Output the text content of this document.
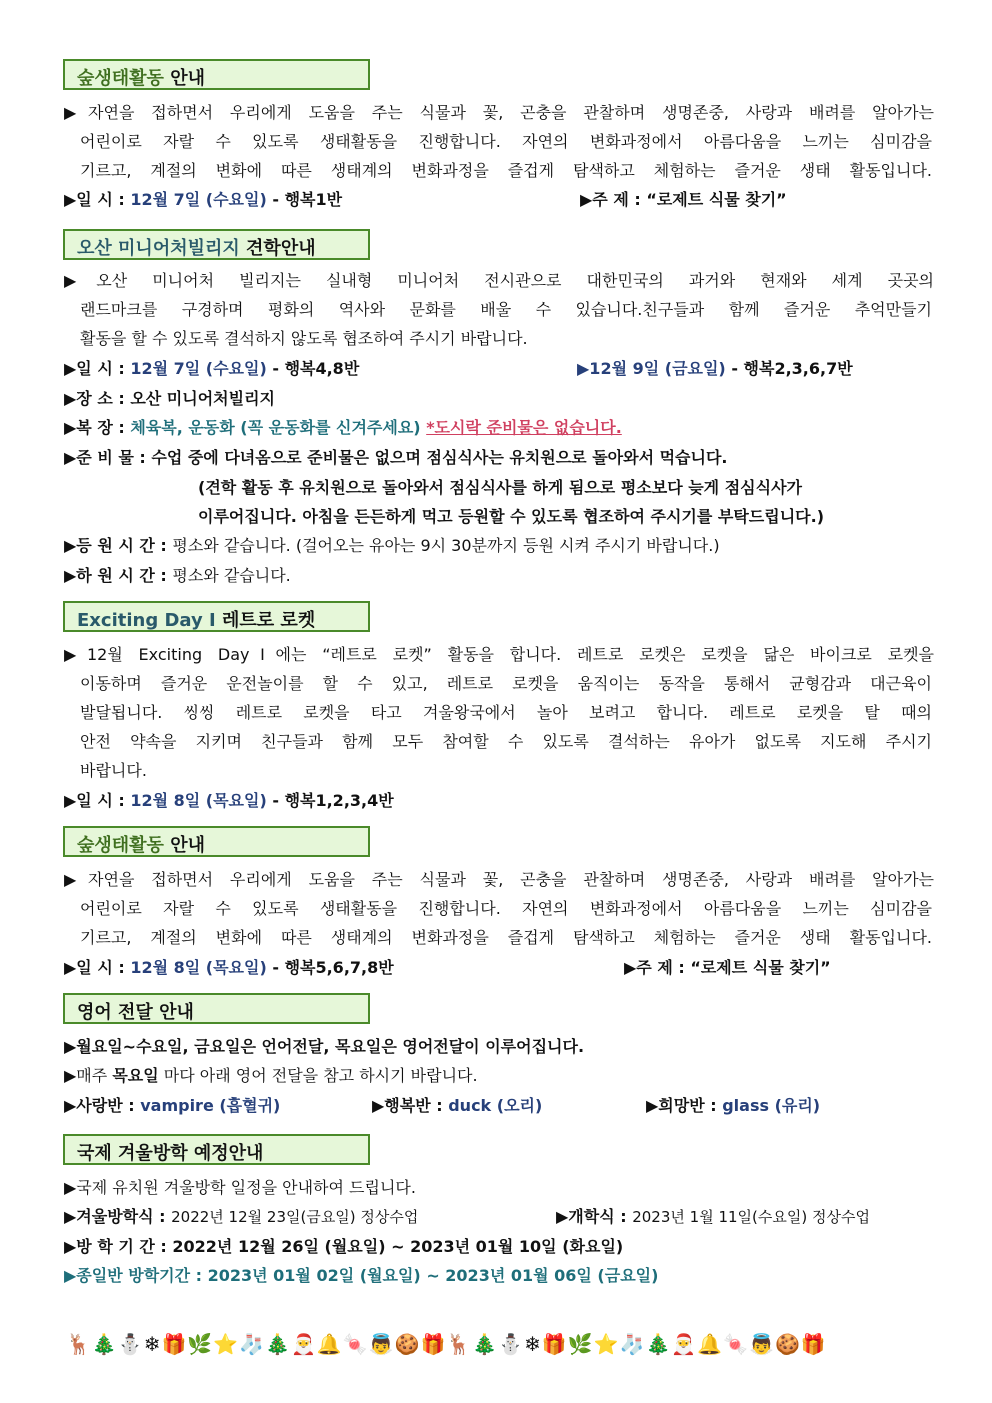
숲생태활동 안내
▶자연을 접하면서 우리에게 도움을 주는 식물과 꽃, 곤충을 관찰하며 생명존중, 사랑과 배려를 알아가는
어린이로 자랄 수 있도록 생태활동을 진행합니다. 자연의 변화과정에서 아름다움을 느끼는 심미감을
기르고, 계절의 변화에 따른 생태계의 변화과정을 즐겁게 탐색하고 체험하는 즐거운 생태 활동입니다.
▶일 시 : 12월 7일 (수요일) - 행복1반	▶주 제 : “로제트 식물 찾기”
오산 미니어처빌리지 견학안내
▶오산 미니어처 빌리지는 실내형 미니어처 전시관으로 대한민국의 과거와 현재와 세계 곳곳의
랜드마크를 구경하며 평화의 역사와 문화를 배울 수 있습니다.친구들과 함께 즐거운 추억만들기
활동을 할 수 있도록 결석하지 않도록 협조하여 주시기 바랍니다.
▶일 시 : 12월 7일 (수요일) - 행복4,8반	▶12월 9일 (금요일) - 행복2,3,6,7반
▶장 소 : 오산 미니어처빌리지
▶복 장 : 체육복, 운동화 (꼭 운동화를 신겨주세요) *도시락 준비물은 없습니다.
▶준 비 물 : 수업 중에 다녀옴으로 준비물은 없으며 점심식사는 유치원으로 돌아와서 먹습니다.
(견학 활동 후 유치원으로 돌아와서 점심식사를 하게 됨으로 평소보다 늦게 점심식사가
이루어집니다. 아침을 든든하게 먹고 등원할 수 있도록 협조하여 주시기를 부탁드립니다.)
▶등 원 시 간 : 평소와 같습니다. (걸어오는 유아는 9시 30분까지 등원 시켜 주시기 바랍니다.)
▶하 원 시 간 : 평소와 같습니다.
Exciting Day Ⅰ 레트로 로켓
▶12월 Exciting DayⅠ에는 “레트로 로켓” 활동을 합니다. 레트로 로켓은 로켓을 닮은 바이크로 로켓을
이동하며 즐거운 운전놀이를 할 수 있고, 레트로 로켓을 움직이는 동작을 통해서 균형감과 대근육이
발달됩니다. 씽씽 레트로 로켓을 타고 겨울왕국에서 놀아 보려고 합니다. 레트로 로켓을 탈 때의
안전 약속을 지키며 친구들과 함께 모두 참여할 수 있도록 결석하는 유아가 없도록 지도해 주시기
바랍니다.
▶일 시 : 12월 8일 (목요일) - 행복1,2,3,4반
숲생태활동 안내
▶자연을 접하면서 우리에게 도움을 주는 식물과 꽃, 곤충을 관찰하며 생명존중, 사랑과 배려를 알아가는
어린이로 자랄 수 있도록 생태활동을 진행합니다. 자연의 변화과정에서 아름다움을 느끼는 심미감을
기르고, 계절의 변화에 따른 생태계의 변화과정을 즐겁게 탐색하고 체험하는 즐거운 생태 활동입니다.
▶일 시 : 12월 8일 (목요일) - 행복5,6,7,8반	▶주 제 : “로제트 식물 찾기”
영어 전달 안내
▶월요일~수요일, 금요일은 언어전달, 목요일은 영어전달이 이루어집니다.
▶매주 목요일 마다 아래 영어 전달을 참고 하시기 바랍니다.
▶사랑반 : vampire (흡혈귀)	▶행복반 : duck (오리)	▶희망반 : glass (유리)
국제 겨울방학 예정안내
▶국제 유치원 겨울방학 일정을 안내하여 드립니다.
▶겨울방학식 : 2022년 12월 23일(금요일) 정상수업	▶개학식 : 2023년 1월 11일(수요일) 정상수업
▶방 학 기 간 : 2022년 12월 26일 (월요일) ~ 2023년 01월 10일 (화요일)
▶종일반 방학기간 : 2023년 01월 02일 (월요일) ~ 2023년 01월 06일 (금요일)
🦌🎄⛄❄🎁🌿⭐🧦🎄🎅🔔🍬👼🍪🎁🦌🎄⛄❄🎁🌿⭐🧦🎄🎅🔔🍬👼🍪🎁
